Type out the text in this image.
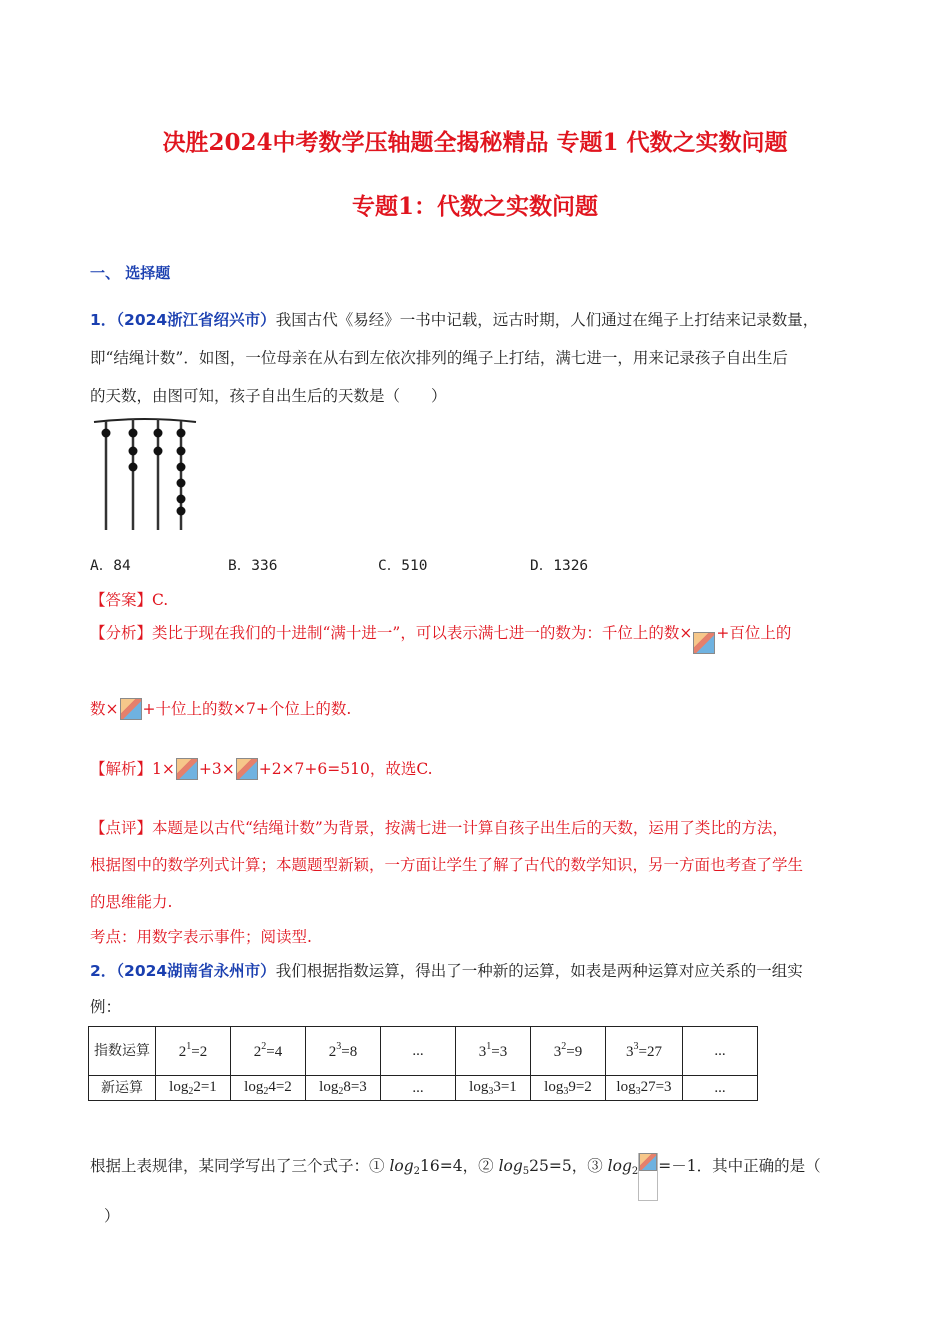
决胜2024中考数学压轴题全揭秘精品 专题1 代数之实数问题
专题1：代数之实数问题
一、 选择题
1．（2024浙江省绍兴市）我国古代《易经》一书中记载，远古时期，人们通过在绳子上打结来记录数量，
即“结绳计数”．如图，一位母亲在从右到左依次排列的绳子上打结，满七进一，用来记录孩子自出生后
的天数，由图可知，孩子自出生后的天数是（　　）
A．84	B．336	C．510	D．1326
【答案】C.
【分析】类比于现在我们的十进制“满十进一”，可以表示满七进一的数为：千位上的数× +百位上的
数× +十位上的数×7+个位上的数.
【解析】1× +3× +2×7+6=510，故选C.
【点评】本题是以古代“结绳计数”为背景，按满七进一计算自孩子出生后的天数，运用了类比的方法，
根据图中的数学列式计算；本题题型新颖，一方面让学生了解了古代的数学知识，另一方面也考查了学生
的思维能力.
考点：用数字表示事件；阅读型.
2．（2024湖南省永州市）我们根据指数运算，得出了一种新的运算，如表是两种运算对应关系的一组实
例：
指数运算	$2^1=2$	$2^2=4$	$2^3=8$	...	$3^1=3$	$3^2=9$	$3^3=27$	...
新运算	$\log_22=1$	$\log_24=2$	$\log_28=3$	...	$\log_33=1$	$\log_39=2$	$\log_327=3$	...
根据上表规律，某同学写出了三个式子：① $\log_216=4$，② $\log_525=5$，③ $\log_2 =-1$．其中正确的是（
）
